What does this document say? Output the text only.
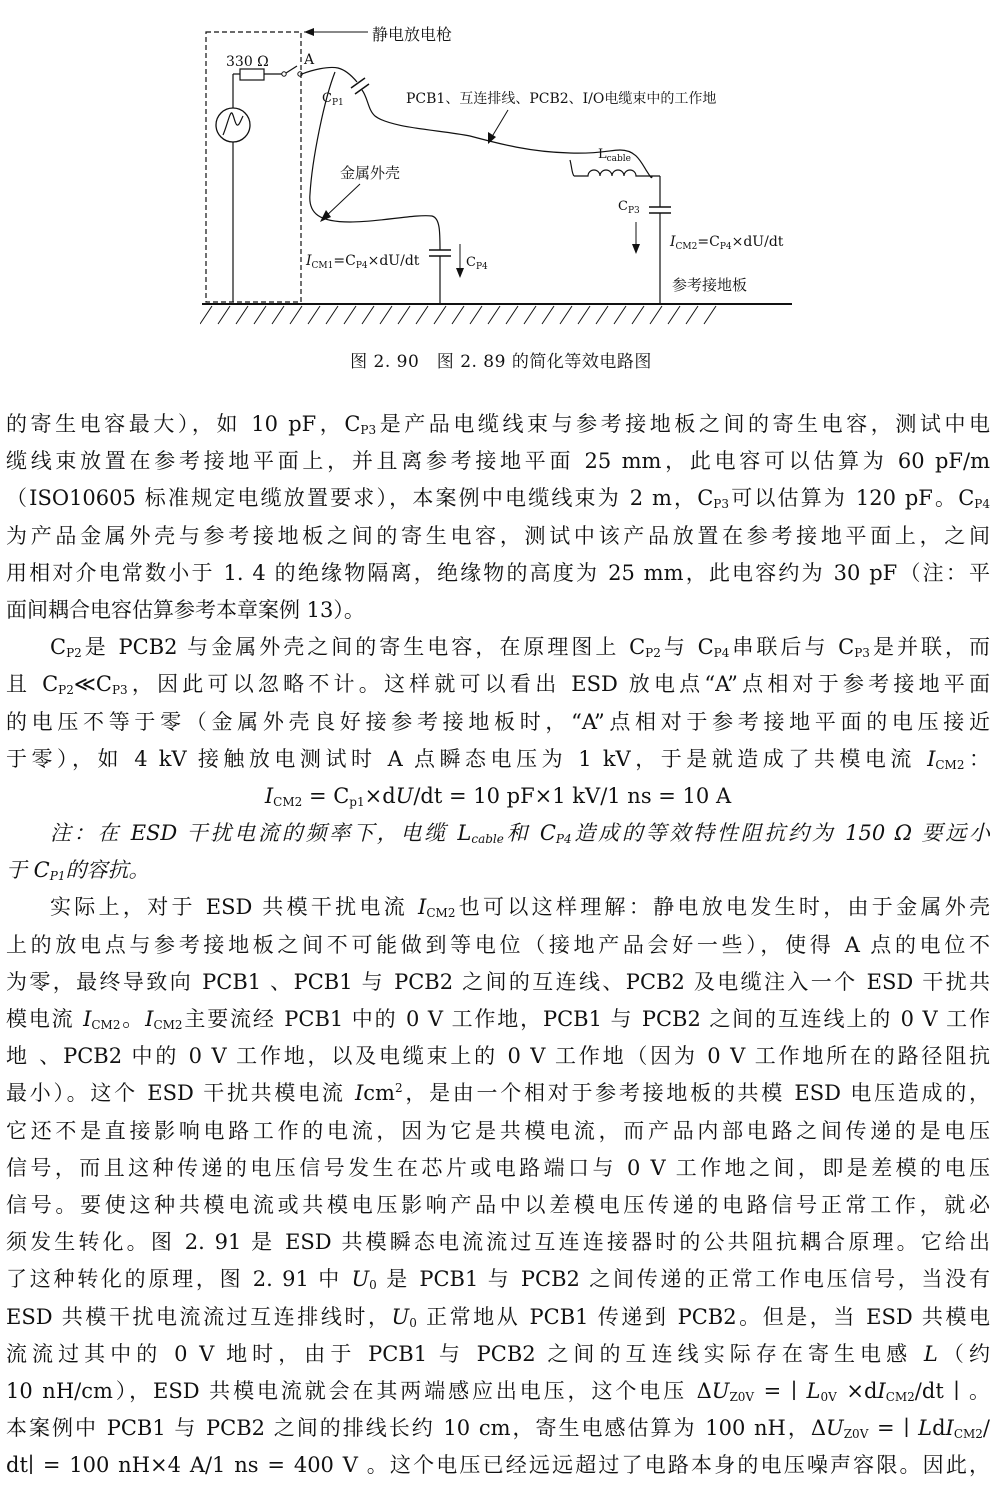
静电放电枪
330 Ω	A
$C_{P1}$	PCB1、互连排线、PCB2、I/O电缆束中的工作地
$L_{cable}$
$C_{P3}$
$I_{CM2}=C_{P4}\times dU/dt$
参考接地板
金属外壳
$I_{CM1}=C_{P4}\times dU/dt$	$C_{P4}$
图 2. 90　图 2. 89 的简化等效电路图
的寄生电容最大），如 10 pF，$C_{P3}$是产品电缆线束与参考接地板之间的寄生电容，测试中电
缆线束放置在参考接地平面上，并且离参考接地平面 25 mm，此电容可以估算为 60 pF/m
（ISO10605 标准规定电缆放置要求），本案例中电缆线束为 2 m，$C_{P3}$可以估算为 120 pF。$C_{P4}$
为产品金属外壳与参考接地板之间的寄生电容，测试中该产品放置在参考接地平面上，之间
用相对介电常数小于 1. 4 的绝缘物隔离，绝缘物的高度为 25 mm，此电容约为 30 pF（注：平
面间耦合电容估算参考本章案例 13）。
$C_{P2}$是 PCB2 与金属外壳之间的寄生电容，在原理图上 $C_{P2}$与 $C_{P4}$串联后与 $C_{P3}$是并联，而
且 $C_{P2}≪C_{P3}$，因此可以忽略不计。这样就可以看出 ESD 放电点“A”点相对于参考接地平面
的电压不等于零（金属外壳良好接参考接地板时，“A”点相对于参考接地平面的电压接近
于零），如 4 kV 接触放电测试时 A 点瞬态电压为 1 kV，于是就造成了共模电流 $I_{CM2}$：
$I_{CM2} = C_{p1}\times dU/dt = 10$ pF×1 kV/1 ns = 10 A
注：在 ESD 干扰电流的频率下，电缆 $L_{cable}$和 $C_{P4}$造成的等效特性阻抗约为 150 Ω 要远小
于 $C_{P1}$的容抗。
实际上，对于 ESD 共模干扰电流 $I_{CM2}$也可以这样理解：静电放电发生时，由于金属外壳
上的放电点与参考接地板之间不可能做到等电位（接地产品会好一些），使得 A 点的电位不
为零，最终导致向 PCB1 、PCB1 与 PCB2 之间的互连线、PCB2 及电缆注入一个 ESD 干扰共
模电流 $I_{CM2}$。$I_{CM2}$主要流经 PCB1 中的 0 V 工作地，PCB1 与 PCB2 之间的互连线上的 0 V 工作
地 、PCB2 中的 0 V 工作地，以及电缆束上的 0 V 工作地（因为 0 V 工作地所在的路径阻抗
最小）。这个 ESD 干扰共模电流 Icm$^2$，是由一个相对于参考接地板的共模 ESD 电压造成的，
它还不是直接影响电路工作的电流，因为它是共模电流，而产品内部电路之间传递的是电压
信号，而且这种传递的电压信号发生在芯片或电路端口与 0 V 工作地之间，即是差模的电压
信号。要使这种共模电流或共模电压影响产品中以差模电压传递的电路信号正常工作，就必
须发生转化。图 2. 91 是 ESD 共模瞬态电流流过互连连接器时的公共阻抗耦合原理。它给出
了这种转化的原理，图 2. 91 中 $U_0$ 是 PCB1 与 PCB2 之间传递的正常工作电压信号，当没有
ESD 共模干扰电流流过互连排线时，$U_0$ 正常地从 PCB1 传递到 PCB2。但是，当 ESD 共模电
流流过其中的 0 V 地时，由于 PCB1 与 PCB2 之间的互连线实际存在寄生电感 L（约
10 nH/cm），ESD 共模电流就会在其两端感应出电压，这个电压 $\Delta U_{Z0V}$ = ∣ $L_{0V} \times dI_{CM2}/dt$ ∣ 。
本案例中 PCB1 与 PCB2 之间的排线长约 10 cm，寄生电感估算为 100 nH，$\Delta U_{Z0V}$ = ∣ LdI$_{CM2}$/
dt∣ = 100 nH×4 A/1 ns = 400 V 。这个电压已经远远超过了电路本身的电压噪声容限。因此，
